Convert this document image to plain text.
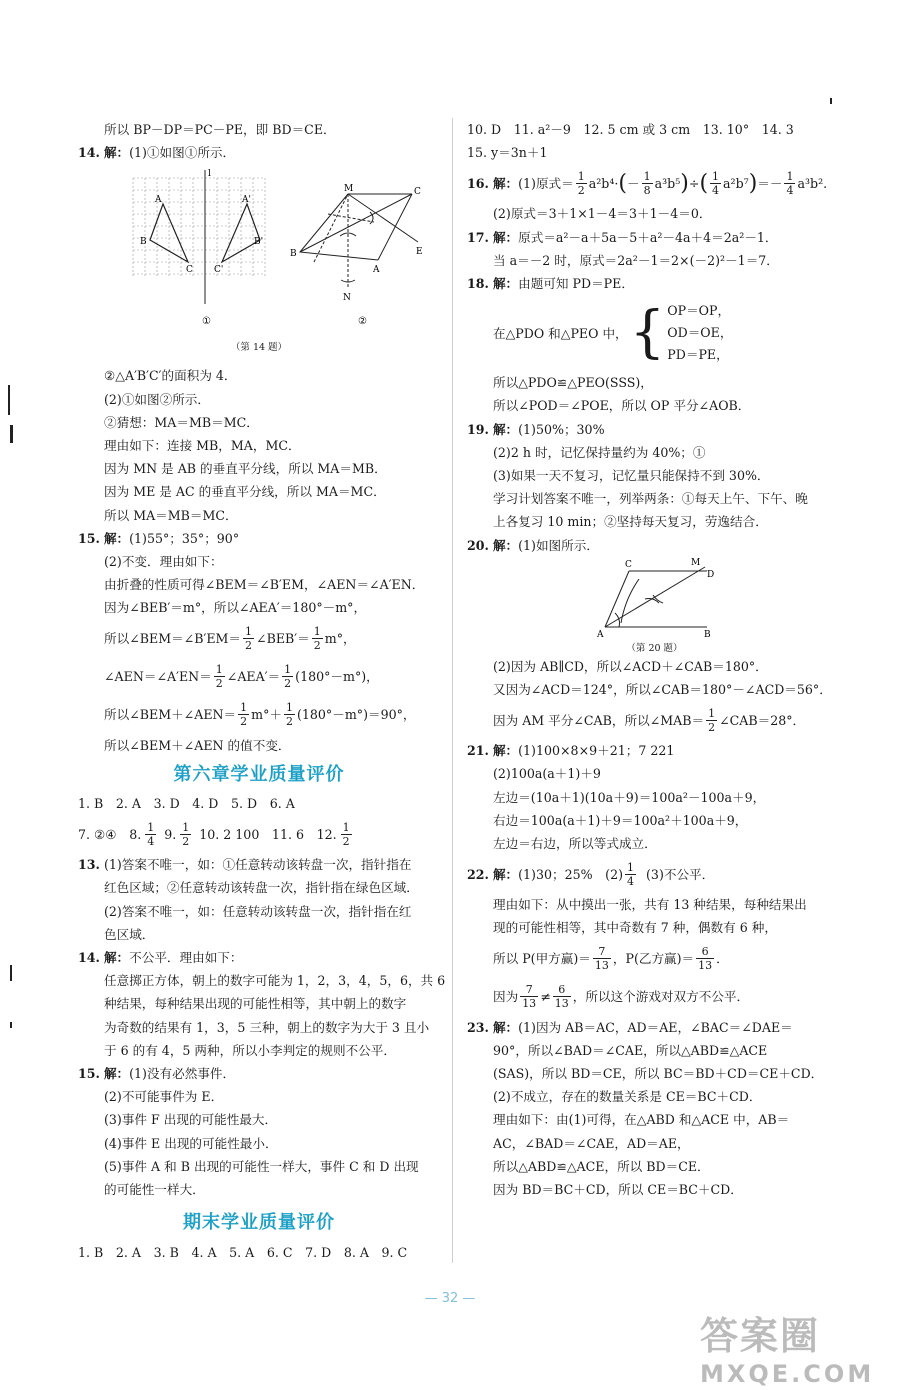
所以 BP－DP＝PC－PE，即 BD＝CE．
14. 解：(1)①如图①所示．
l
A
B
C
A'
B'
C'
M	C
B
A
E
N
①	②
（第 14 题）
②△A′B′C′的面积为 4．
(2)①如图②所示．
②猜想：MA＝MB＝MC．
理由如下：连接 MB，MA，MC．
因为 MN 是 AB 的垂直平分线，所以 MA＝MB．
因为 ME 是 AC 的垂直平分线，所以 MA＝MC．
所以 MA＝MB＝MC．
15. 解：(1)55°；35°；90°
(2)不变．理由如下：
由折叠的性质可得∠BEM＝∠B′EM，∠AEN＝∠A′EN．
因为∠BEB′＝m°，所以∠AEA′＝180°－m°，
所以∠BEM＝∠B′EM＝ $\frac{1}{2}$ ∠BEB′＝ $\frac{1}{2} m^\circ$，
∠AEN＝∠A′EN＝ $\frac{1}{2}$ ∠AEA′＝ $\frac{1}{2} (180^\circ-m^\circ)$，
所以∠BEM＋∠AEN＝ $\frac{1}{2} m^\circ+ \frac{1}{2} (180^\circ-m^\circ)=90^\circ$，
所以∠BEM＋∠AEN 的值不变．
第六章学业质量评价
1. B　2. A　3. D　4. D　5. D　6. A
7. ②④　8. $\frac{1}{4} 9$. $\frac{1}{2} 10$. 2 100　11. 6　12. $\frac{1}{2}$
13. (1)答案不唯一，如：①任意转动该转盘一次，指针指在
红色区域；②任意转动该转盘一次，指针指在绿色区域．
(2)答案不唯一，如：任意转动该转盘一次，指针指在红
色区域．
14. 解：不公平．理由如下：
任意掷正方体，朝上的数字可能为 1，2，3，4，5，6，共 6
种结果，每种结果出现的可能性相等，其中朝上的数字
为奇数的结果有 1，3，5 三种，朝上的数字为大于 3 且小
于 6 的有 4，5 两种，所以小李判定的规则不公平．
15. 解：(1)没有必然事件．
(2)不可能事件为 E．
(3)事件 F 出现的可能性最大．
(4)事件 E 出现的可能性最小．
(5)事件 A 和 B 出现的可能性一样大，事件 C 和 D 出现
的可能性一样大．
期末学业质量评价
1. B　2. A　3. B　4. A　5. A　6. C　7. D　8. A　9. C
10. D　11. a²－9　12. 5 cm 或 3 cm　13. 10°　14. 3
15. y＝3n＋1
16.
解： (1)原式＝ $\frac{1}{2} a^2b^4\cdot$ ( － $\frac{1}{8} a^3b^5$ ) ÷ ( $\frac{1}{4} a^2b^7$ ) ＝－ $\frac{1}{4} a^3b^2$.
(2)原式＝3＋1×1－4＝3＋1－4＝0．
17. 解：原式＝a²－a＋5a－5＋a²－4a＋4＝2a²－1．
当 a＝－2 时，原式＝2a²－1＝2×(－2)²－1＝7．
18. 解：由题可知 PD＝PE．
在△PDO 和△PEO 中， { OP＝OP，
OD＝OE，
PD＝PE，
所以△PDO≌△PEO(SSS)，
所以∠POD＝∠POE，所以 OP 平分∠AOB．
19. 解：(1)50%；30%
(2)2 h 时，记忆保持量约为 40%；①
(3)如果一天不复习，记忆量只能保持不到 30%．
学习计划答案不唯一，列举两条：①每天上午、下午、晚
上各复习 10 min；②坚持每天复习，劳逸结合．
20. 解：(1)如图所示．
C	M
D
A	B
（第 20 题）
(2)因为 AB∥CD，所以∠ACD＋∠CAB＝180°．
又因为∠ACD＝124°，所以∠CAB＝180°－∠ACD＝56°．
因为 AM 平分∠CAB，所以∠MAB＝ $\frac{1}{2}$ ∠CAB＝28°．
21. 解：(1)100×8×9＋21；7 221
(2)100a(a＋1)＋9
左边＝(10a＋1)(10a＋9)＝100a²－100a＋9，
右边＝100a(a＋1)＋9＝100a²＋100a＋9，
左边＝右边，所以等式成立．
22.
解： (1)30；25%　$(2) \frac{1}{4} (3)$不公平．
理由如下：从中摸出一张，共有 13 种结果，每种结果出
现的可能性相等，其中奇数有 7 种，偶数有 6 种，
所以 P(甲方赢)＝ $\frac{7}{13}$ ，P(乙方赢)＝ $\frac{6}{13}$ ．
因为 $\frac{7}{13} \ne \frac{6}{13}$ ，所以这个游戏对双方不公平．
23. 解：(1)因为 AB＝AC，AD＝AE，∠BAC＝∠DAE＝
90°，所以∠BAD＝∠CAE，所以△ABD≌△ACE
(SAS)，所以 BD＝CE，所以 BC＝BD＋CD＝CE＋CD．
(2)不成立，存在的数量关系是 CE＝BC＋CD．
理由如下：由(1)可得，在△ABD 和△ACE 中，AB＝
AC，∠BAD＝∠CAE，AD＝AE，
所以△ABD≌△ACE，所以 BD＝CE．
因为 BD＝BC＋CD，所以 CE＝BC＋CD．
— 32 —
答案圈
MXQE.COM
